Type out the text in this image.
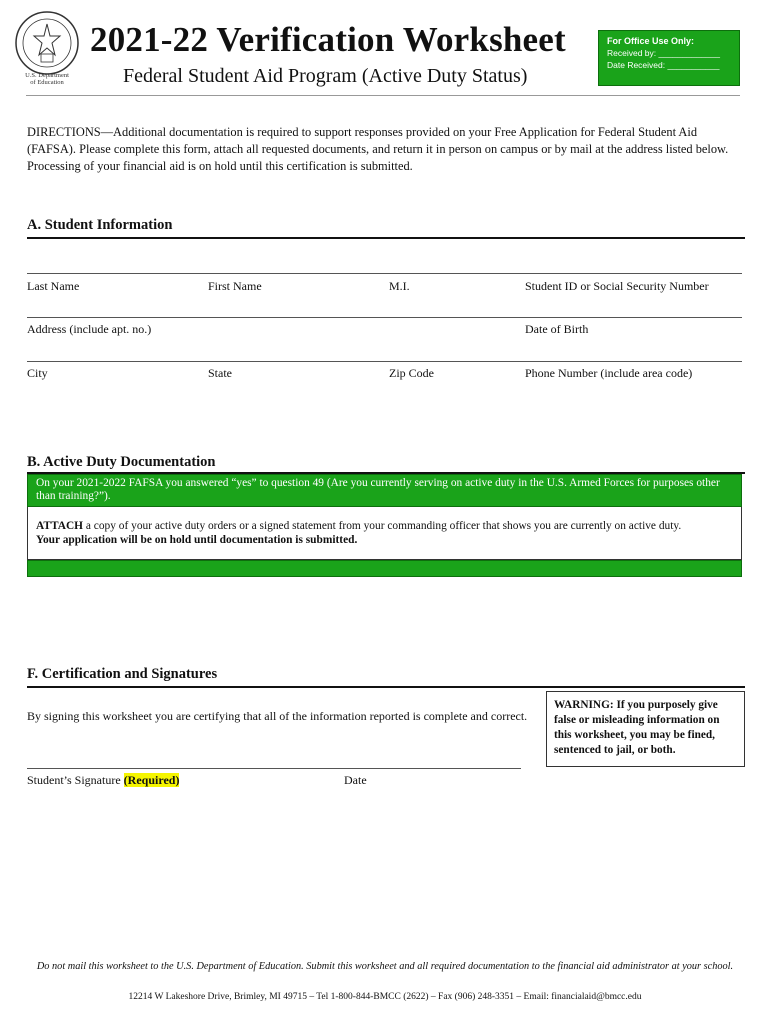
U.S. Department
of Education
2021-22 Verification Worksheet
Federal Student Aid Program (Active Duty Status)
For Office Use Only:
Received by: _____________
Date Received: ___________
DIRECTIONS—Additional documentation is required to support responses provided on your Free Application for Federal Student Aid (FAFSA). Please complete this form, attach all requested documents, and return it in person on campus or by mail at the address listed below. Processing of your financial aid is on hold until this certification is submitted.
A. Student Information
Last Name	First Name	M.I.	Student ID or Social Security Number
Address (include apt. no.)	Date of Birth
City	State	Zip Code	Phone Number (include area code)
B. Active Duty Documentation
On your 2021-2022 FAFSA you answered “yes” to question 49 (Are you currently serving on active duty in the U.S. Armed Forces for purposes other than training?”).
ATTACH a copy of your active duty orders or a signed statement from your commanding officer that shows you are currently on active duty.
Your application will be on hold until documentation is submitted.
F. Certification and Signatures
By signing this worksheet you are certifying that all of the information reported is complete and correct.
WARNING: If you purposely give false or misleading information on this worksheet, you may be fined, sentenced to jail, or both.
Student’s Signature (Required)	Date
Do not mail this worksheet to the U.S. Department of Education. Submit this worksheet and all required documentation to the financial aid administrator at your school.
12214 W Lakeshore Drive, Brimley, MI 49715 – Tel 1-800-844-BMCC (2622) – Fax (906) 248-3351 – Email: financialaid@bmcc.edu
